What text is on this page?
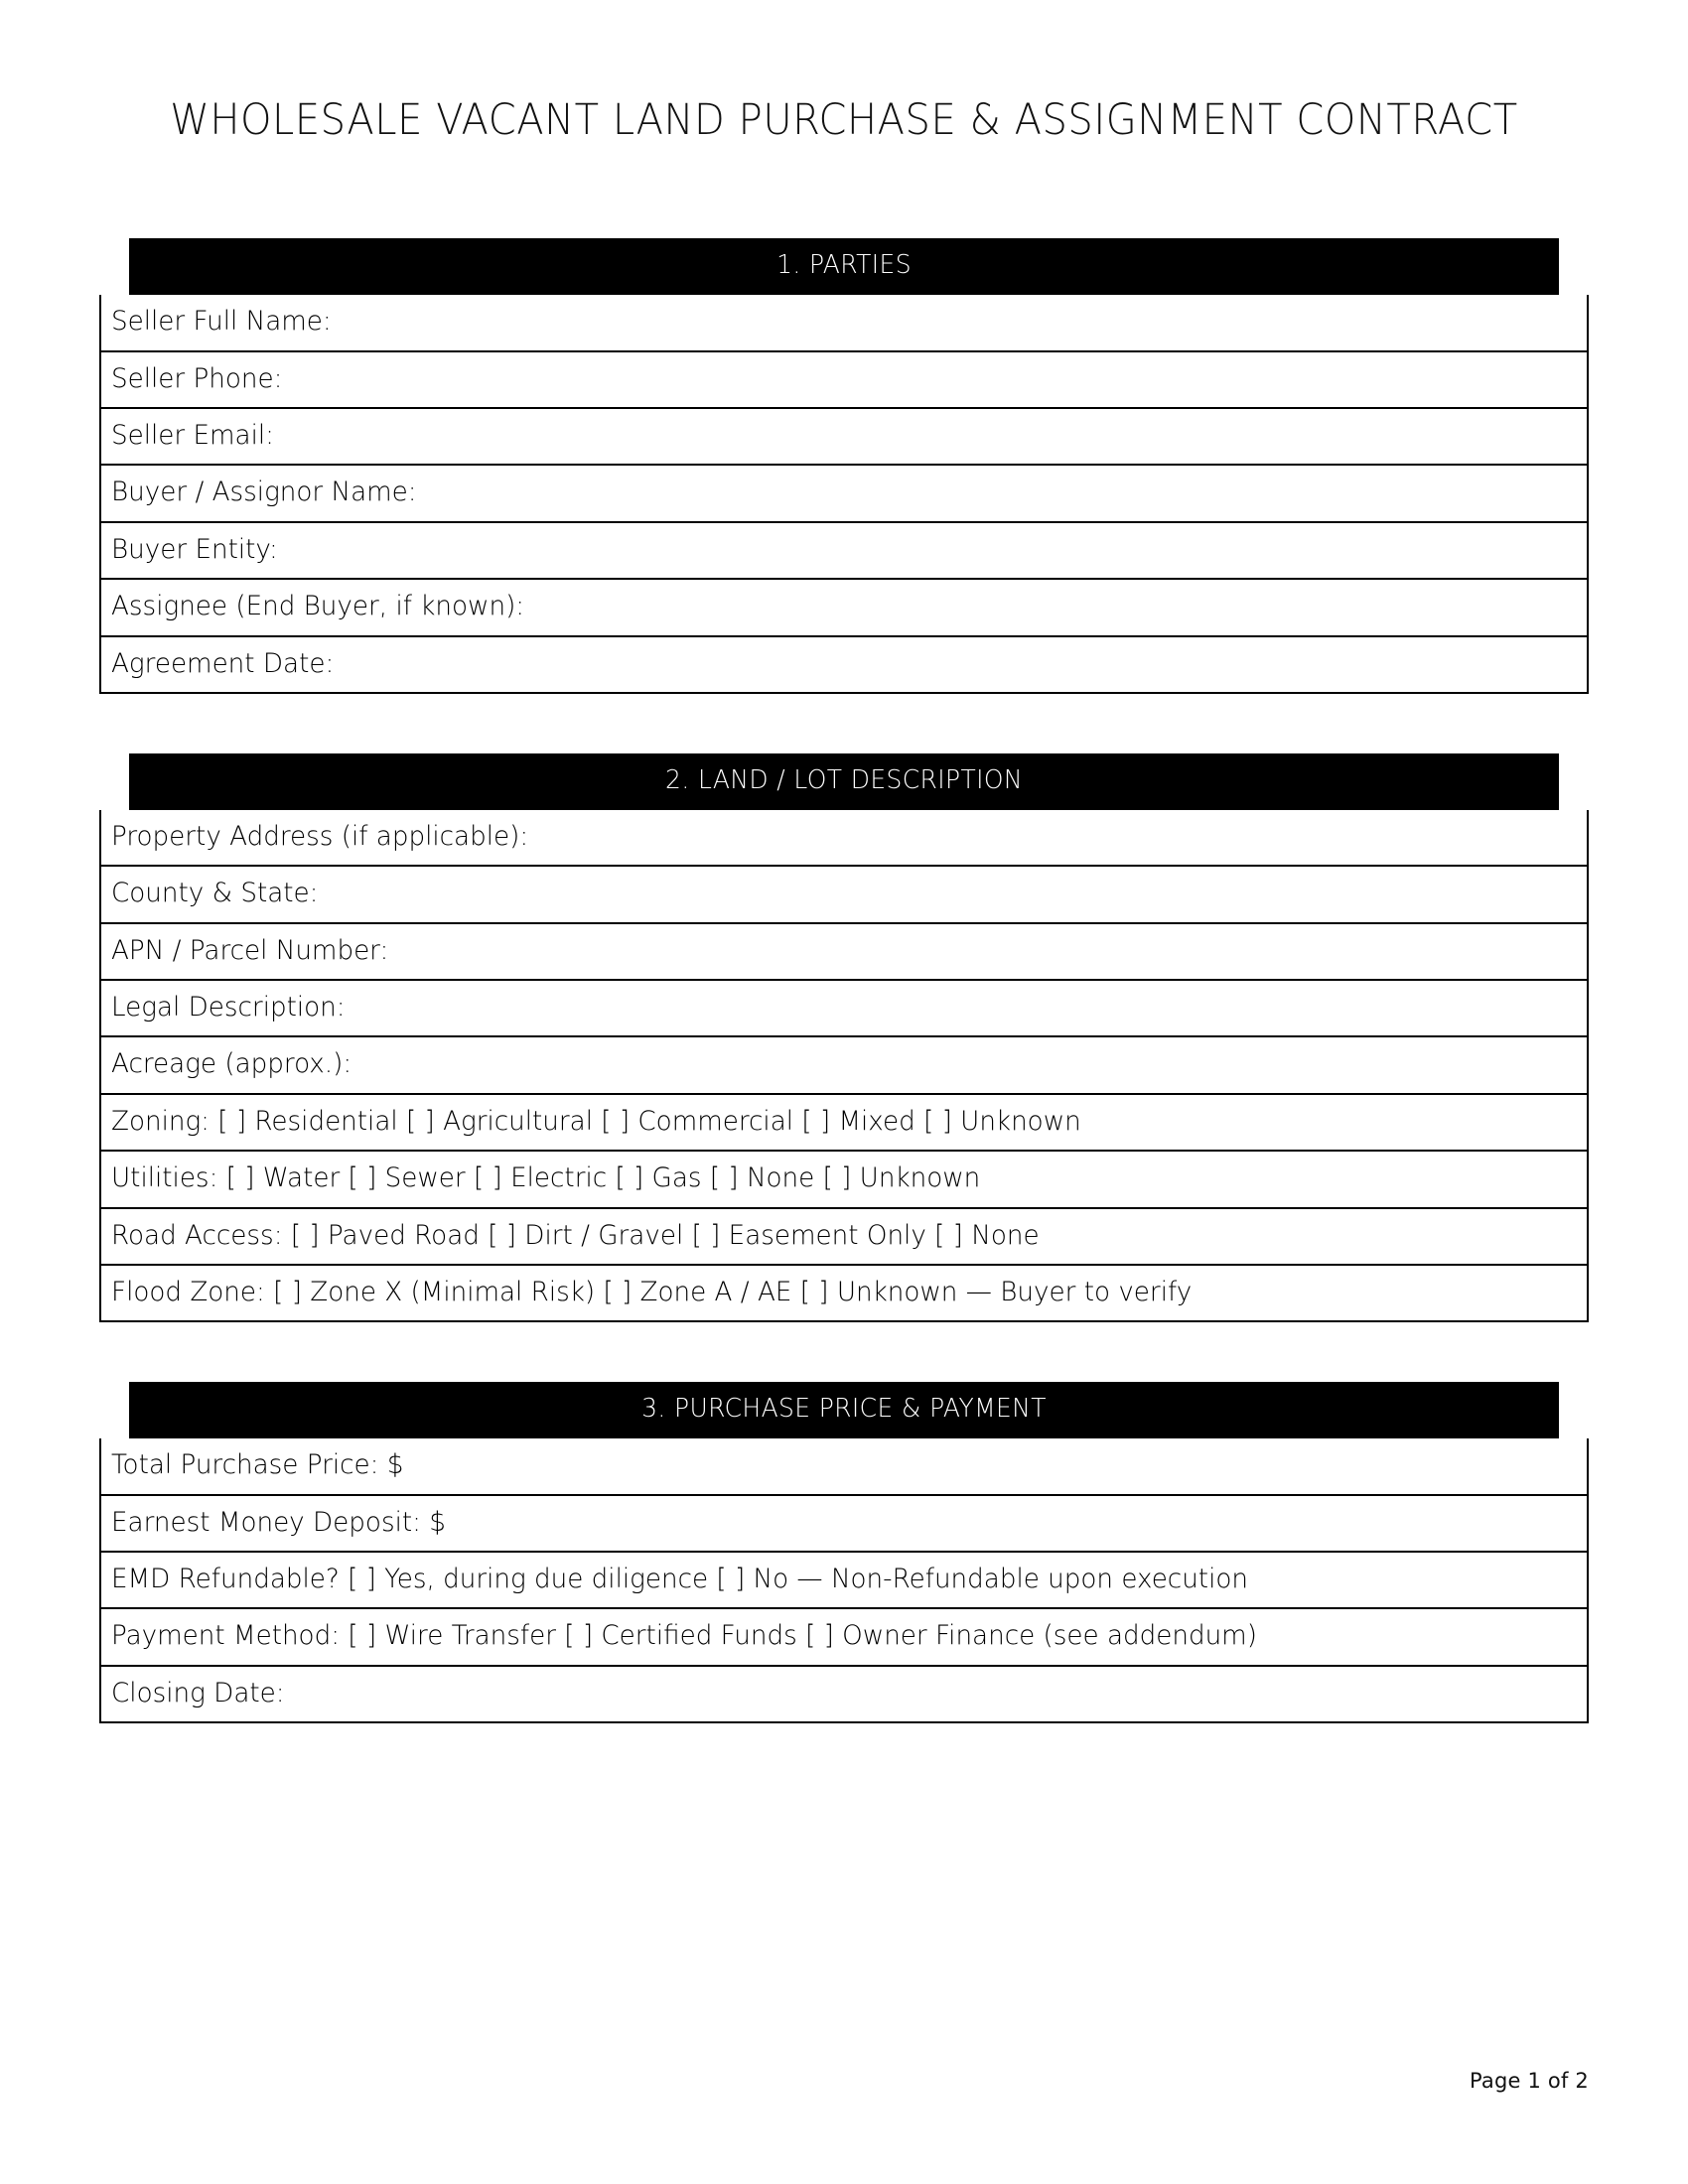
WHOLESALE VACANT LAND PURCHASE & ASSIGNMENT CONTRACT
1. PARTIES
Seller Full Name:
Seller Phone:
Seller Email:
Buyer / Assignor Name:
Buyer Entity:
Assignee (End Buyer, if known):
Agreement Date:
2. LAND / LOT DESCRIPTION
Property Address (if applicable):
County & State:
APN / Parcel Number:
Legal Description:
Acreage (approx.):
Zoning: [ ] Residential [ ] Agricultural [ ] Commercial [ ] Mixed [ ] Unknown
Utilities: [ ] Water [ ] Sewer [ ] Electric [ ] Gas [ ] None [ ] Unknown
Road Access: [ ] Paved Road [ ] Dirt / Gravel [ ] Easement Only [ ] None
Flood Zone: [ ] Zone X (Minimal Risk) [ ] Zone A / AE [ ] Unknown — Buyer to verify
3. PURCHASE PRICE & PAYMENT
Total Purchase Price: $
Earnest Money Deposit: $
EMD Refundable? [ ] Yes, during due diligence [ ] No — Non-Refundable upon execution
Payment Method: [ ] Wire Transfer [ ] Certified Funds [ ] Owner Finance (see addendum)
Closing Date:
Page 1 of 2
